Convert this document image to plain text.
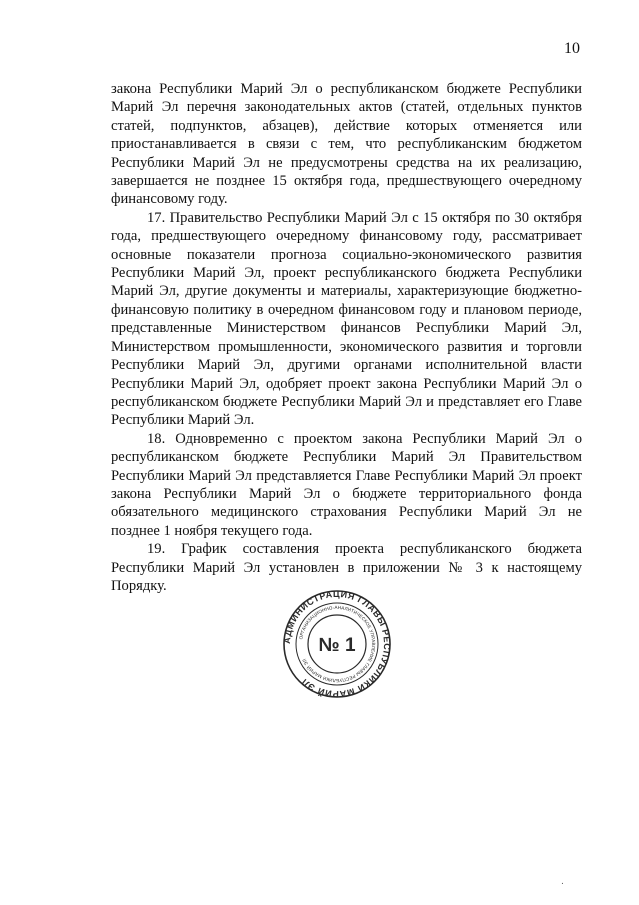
10

закона Республики Марий Эл о республиканском бюджете Республики Марий Эл перечня законодательных актов (статей, отдельных пунктов статей, подпунктов, абзацев), действие которых отменяется или приостанавливается в связи с тем, что республиканским бюджетом Республики Марий Эл не предусмотрены средства на их реализацию, завершается не позднее 15 октября года, предшествующего очередному финансовому году.

17. Правительство Республики Марий Эл с 15 октября по 30 октября года, предшествующего очередному финансовому году, рассматривает основные показатели прогноза социально-экономического развития Республики Марий Эл, проект республиканского бюджета Республики Марий Эл, другие документы и материалы, характеризующие бюджетно-финансовую политику в очередном финансовом году и плановом периоде, представленные Министерством финансов Республики Марий Эл, Министерством промышленности, экономического развития и торговли Республики Марий Эл, другими органами исполнительной власти Республики Марий Эл, одобряет проект закона Республики Марий Эл о республиканском бюджете Республики Марий Эл и представляет его Главе Республики Марий Эл.

18. Одновременно с проектом закона Республики Марий Эл о республиканском бюджете Республики Марий Эл Правительством Республики Марий Эл представляется Главе Республики Марий Эл проект закона Республики Марий Эл о бюджете территориального фонда обязательного медицинского страхования Республики Марий Эл не позднее 1 ноября текущего года.

19. График составления проекта республиканского бюджета Республики Марий Эл установлен в приложении № 3 к настоящему Порядку.

АДМИНИСТРАЦИЯ ГЛАВЫ РЕСПУБЛИКИ МАРИЙ ЭЛ
ОРГАНИЗАЦИОННО-АНАЛИТИЧЕСКОЕ УПРАВЛЕНИЕ ГЛАВЫ РЕСПУБЛИКИ МАРИЙ ЭЛ
№ 1
.
